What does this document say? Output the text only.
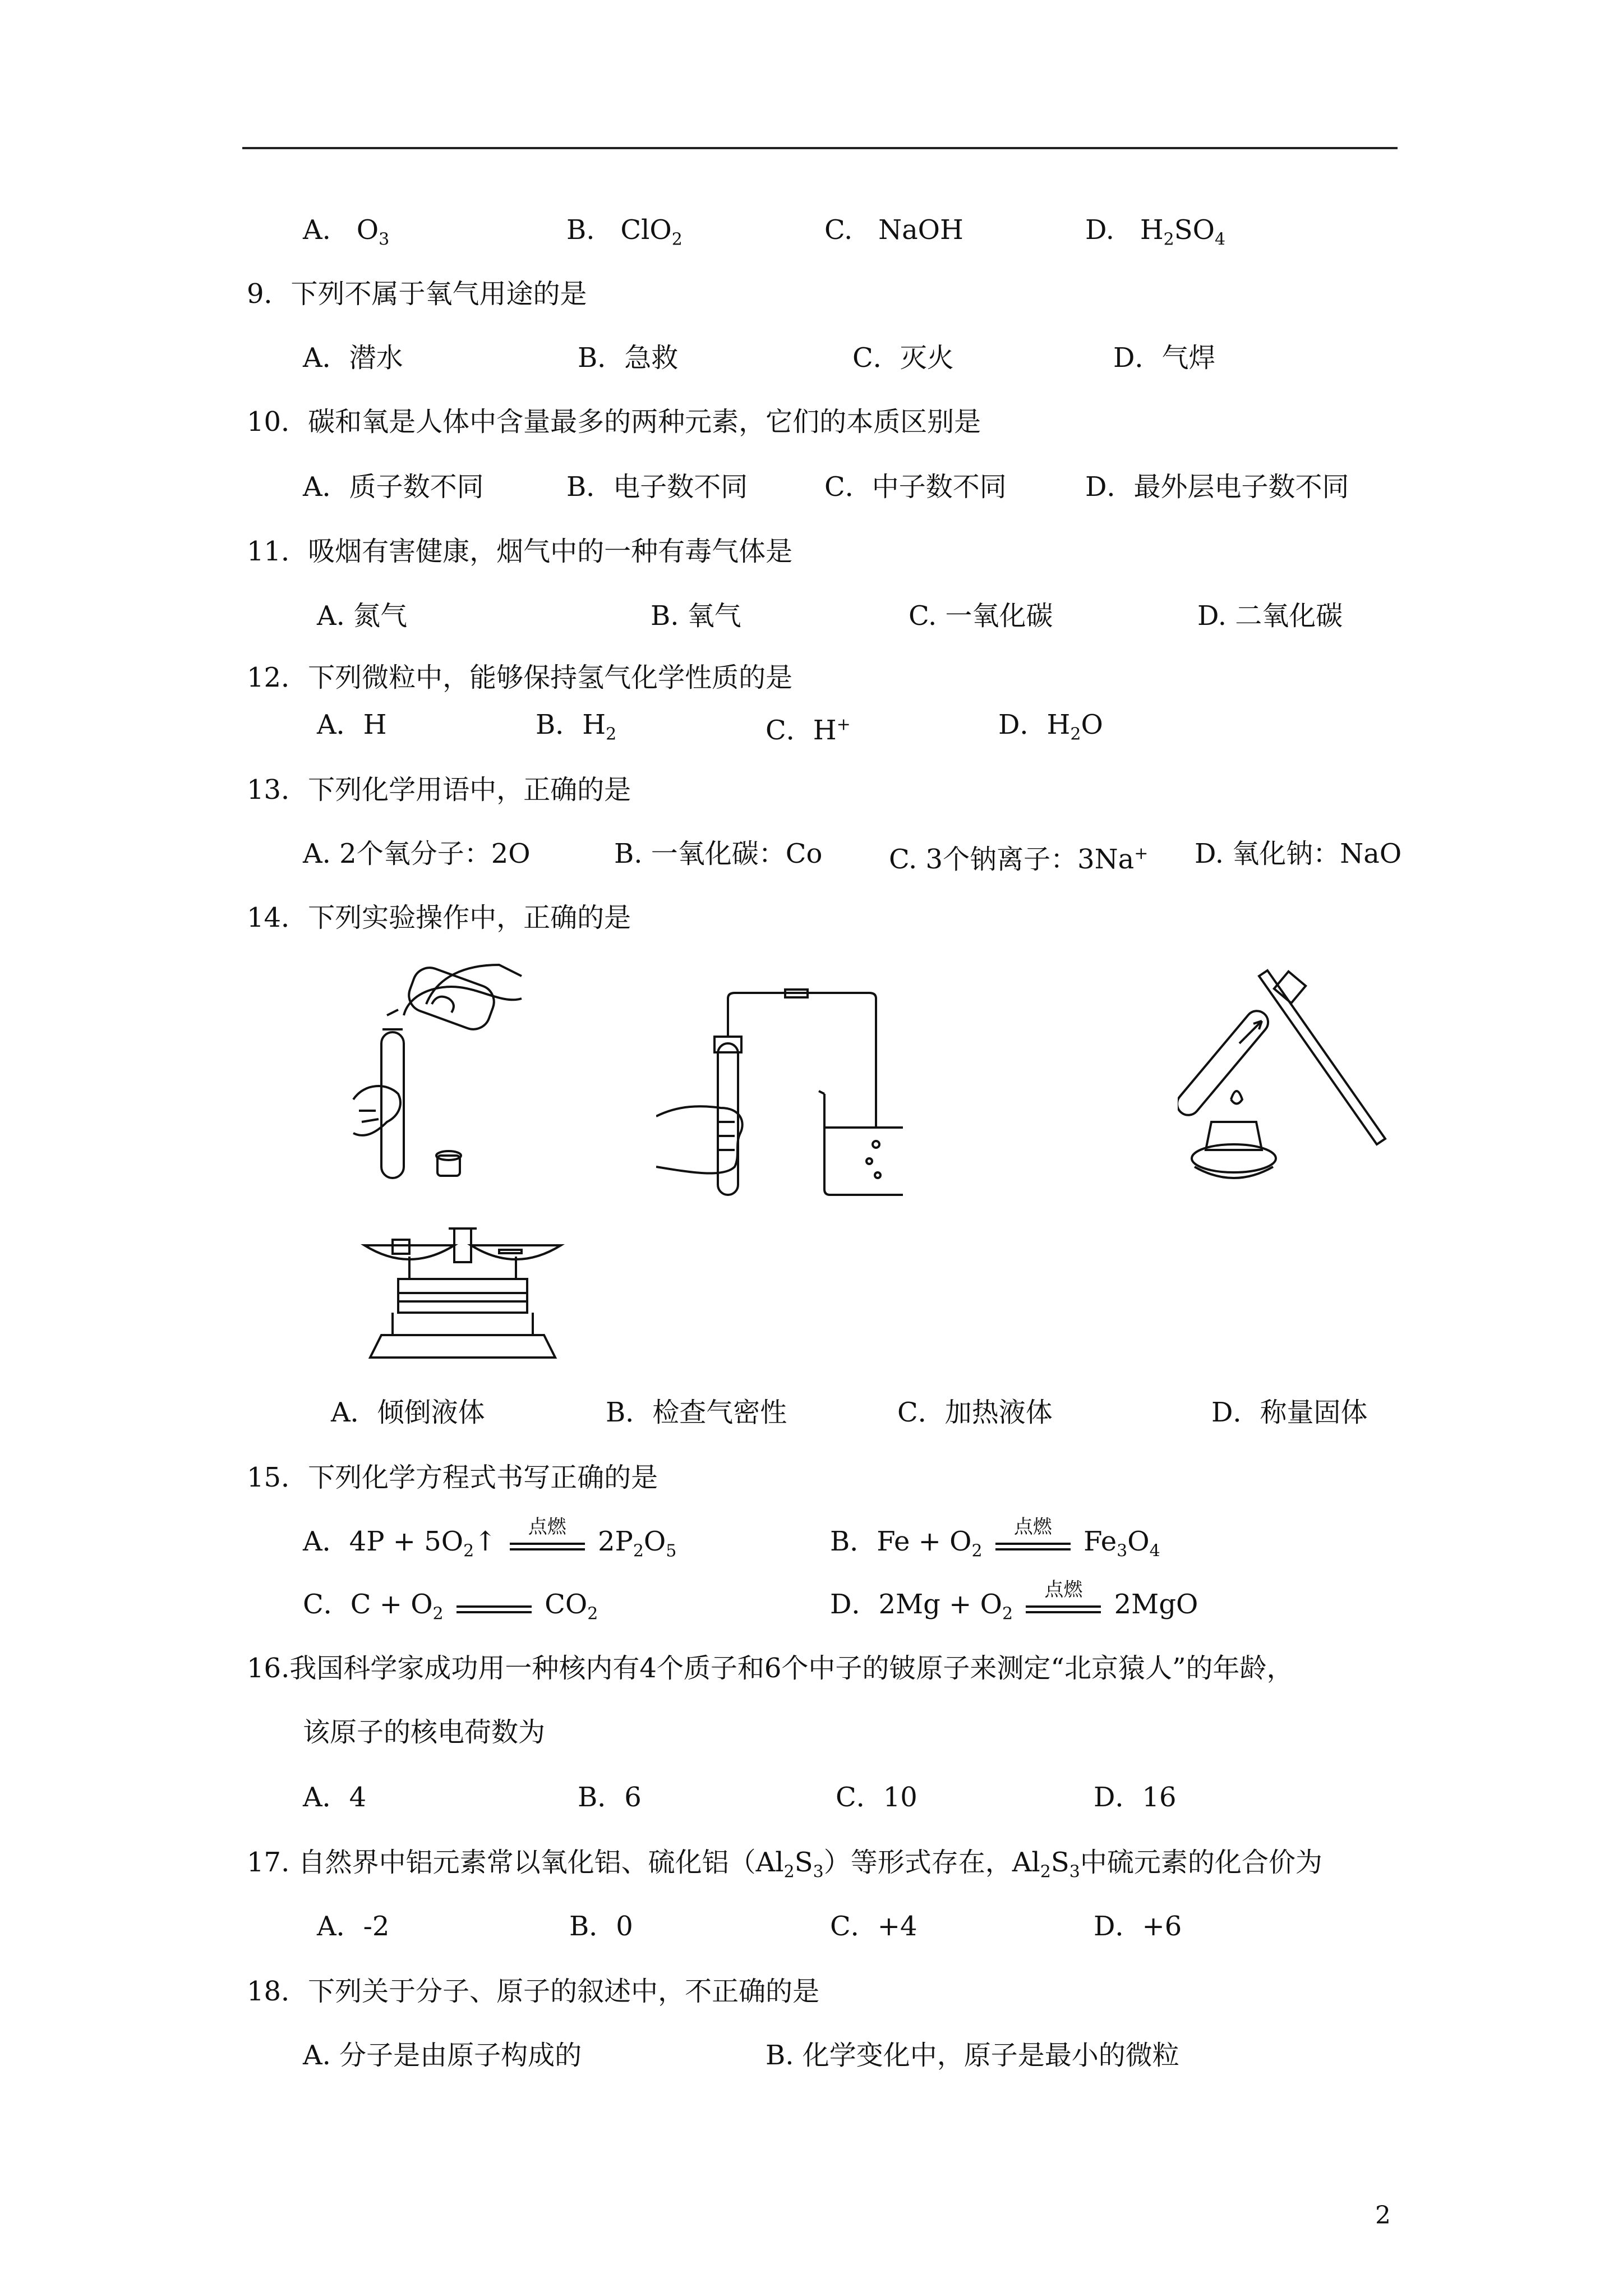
A. $O_3$	B. ClO$_2$	C. NaOH	D. $H_2SO_4$
9．下列不属于氧气用途的是
A．潜水	B．急救	C．灭火	D．气焊
10．碳和氧是人体中含量最多的两种元素，它们的本质区别是
A．质子数不同	B．电子数不同	C．中子数不同	D．最外层电子数不同
11．吸烟有害健康，烟气中的一种有毒气体是
A. 氮气	B. 氧气	C. 一氧化碳	D. 二氧化碳
12．下列微粒中，能够保持氢气化学性质的是
A．H	B．$H_2$	C．H+	D．$H_2O$
13．下列化学用语中，正确的是
A. 2个氧分子：2O	B. 一氧化碳：Co C. 3个钠离子：3Na+ D. 氧化钠：NaO
14．下列实验操作中，正确的是
A．倾倒液体	B．检查气密性	C．加热液体	D．称量固体
15．下列化学方程式书写正确的是
A．$4P + 5O_2↑$	点燃	$2P_2O_5$	B．$Fe + O_2$
点燃	$Fe_3O_4$
C．$C + O_2$	$CO_2$	D．$2Mg + O_2$
点燃	2MgO
16.我国科学家成功用一种核内有4个质子和6个中子的铍原子来测定“北京猿人”的年龄，
该原子的核电荷数为
A．4	B．6	C．10	D．16
17. 自然界中铝元素常以氧化铝、硫化铝$(Al_2S_3)$等形式存在，$Al_2S_3$中硫元素的化合价为
A．-2	B．0	C．+4	D．+6
18．下列关于分子、原子的叙述中，不正确的是
A. 分子是由原子构成的	B. 化学变化中，原子是最小的微粒
2
